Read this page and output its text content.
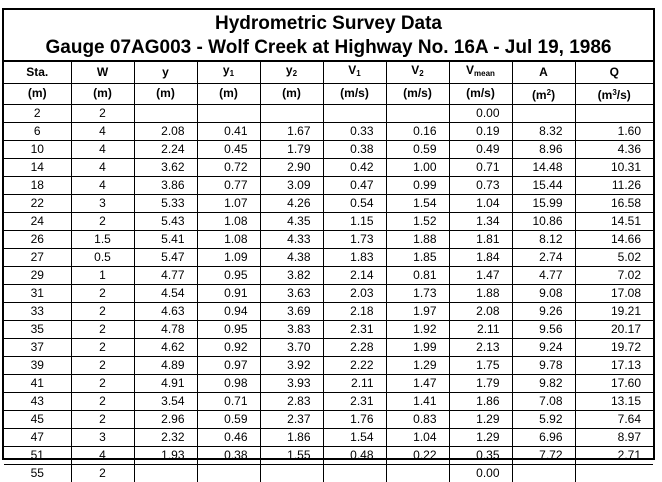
Hydrometric Survey Data
Gauge 07AG003 - Wolf Creek at Highway No. 16A - Jul 19, 1986
Sta.	W	y	$y_1$	$y_2$	$V_1$	$V_2$	$V_{mean}$	A	Q
(m)	(m)	(m)	(m)	(m)	(m/s)	(m/s)	(m/s)	$(m^2)$	$(m^3/s)$
2	2						0.00		
6	4	2.08	0.41	1.67	0.33	0.16	0.19	8.32	1.60
10	4	2.24	0.45	1.79	0.38	0.59	0.49	8.96	4.36
14	4	3.62	0.72	2.90	0.42	1.00	0.71	14.48	10.31
18	4	3.86	0.77	3.09	0.47	0.99	0.73	15.44	11.26
22	3	5.33	1.07	4.26	0.54	1.54	1.04	15.99	16.58
24	2	5.43	1.08	4.35	1.15	1.52	1.34	10.86	14.51
26	1.5	5.41	1.08	4.33	1.73	1.88	1.81	8.12	14.66
27	0.5	5.47	1.09	4.38	1.83	1.85	1.84	2.74	5.02
29	1	4.77	0.95	3.82	2.14	0.81	1.47	4.77	7.02
31	2	4.54	0.91	3.63	2.03	1.73	1.88	9.08	17.08
33	2	4.63	0.94	3.69	2.18	1.97	2.08	9.26	19.21
35	2	4.78	0.95	3.83	2.31	1.92	2.11	9.56	20.17
37	2	4.62	0.92	3.70	2.28	1.99	2.13	9.24	19.72
39	2	4.89	0.97	3.92	2.22	1.29	1.75	9.78	17.13
41	2	4.91	0.98	3.93	2.11	1.47	1.79	9.82	17.60
43	2	3.54	0.71	2.83	2.31	1.41	1.86	7.08	13.15
45	2	2.96	0.59	2.37	1.76	0.83	1.29	5.92	7.64
47	3	2.32	0.46	1.86	1.54	1.04	1.29	6.96	8.97
51	4	1.93	0.38	1.55	0.48	0.22	0.35	7.72	2.71
55	2						0.00		
